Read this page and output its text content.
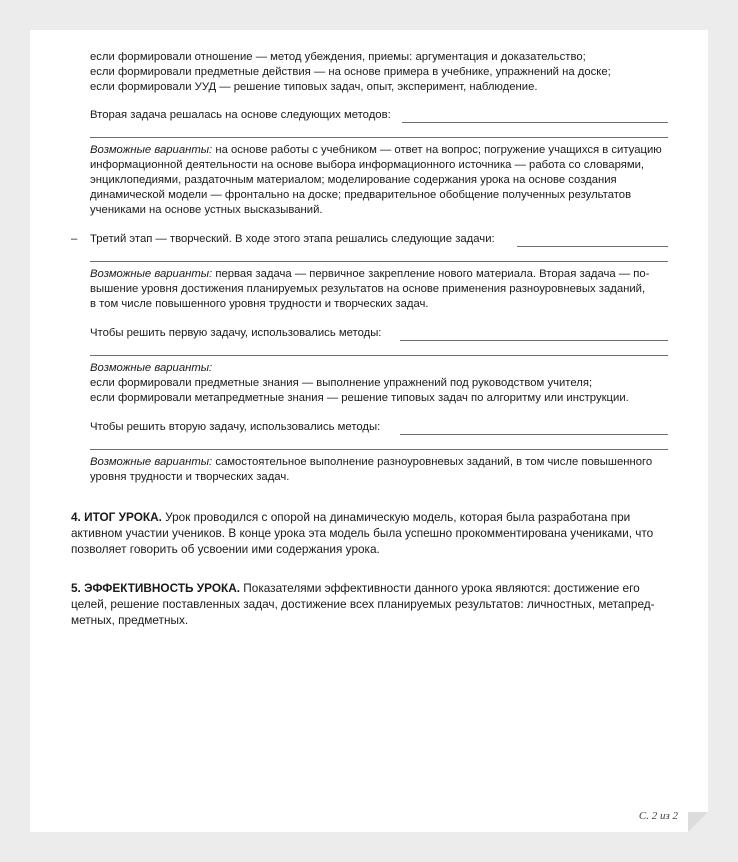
если формировали отношение — метод убеждения, приемы: аргументация и доказательство;
если формировали предметные действия — на основе примера в учебнике, упражнений на доске;
если формировали УУД — решение типовых задач, опыт, эксперимент, наблюдение.
Вторая задача решалась на основе следующих методов:
Возможные варианты: на основе работы с учебником — ответ на вопрос; погружение учащихся в ситуацию
информационной деятельности на основе выбора информационного источника — работа со словарями,
энциклопедиями, раздаточным материалом; моделирование содержания урока на основе создания
динамической модели — фронтально на доске; предварительное обобщение полученных результатов
учениками на основе устных высказываний.
– Третий этап — творческий. В ходе этого этапа решались следующие задачи:
Возможные варианты: первая задача — первичное закрепление нового материала. Вторая задача — по-
вышение уровня достижения планируемых результатов на основе применения разноуровневых заданий,
в том числе повышенного уровня трудности и творческих задач.
Чтобы решить первую задачу, использовались методы:
Возможные варианты:
если формировали предметные знания — выполнение упражнений под руководством учителя;
если формировали метапредметные знания — решение типовых задач по алгоритму или инструкции.
Чтобы решить вторую задачу, использовались методы:
Возможные варианты: самостоятельное выполнение разноуровневых заданий, в том числе повышенного
уровня трудности и творческих задач.
4. ИТОГ УРОКА. Урок проводился с опорой на динамическую модель, которая была разработана при
активном участии учеников. В конце урока эта модель была успешно прокомментирована учениками, что
позволяет говорить об усвоении ими содержания урока.
5. ЭФФЕКТИВНОСТЬ УРОКА. Показателями эффективности данного урока являются: достижение его
целей, решение поставленных задач, достижение всех планируемых результатов: личностных, метапред-
метных, предметных.
С. 2 из 2
